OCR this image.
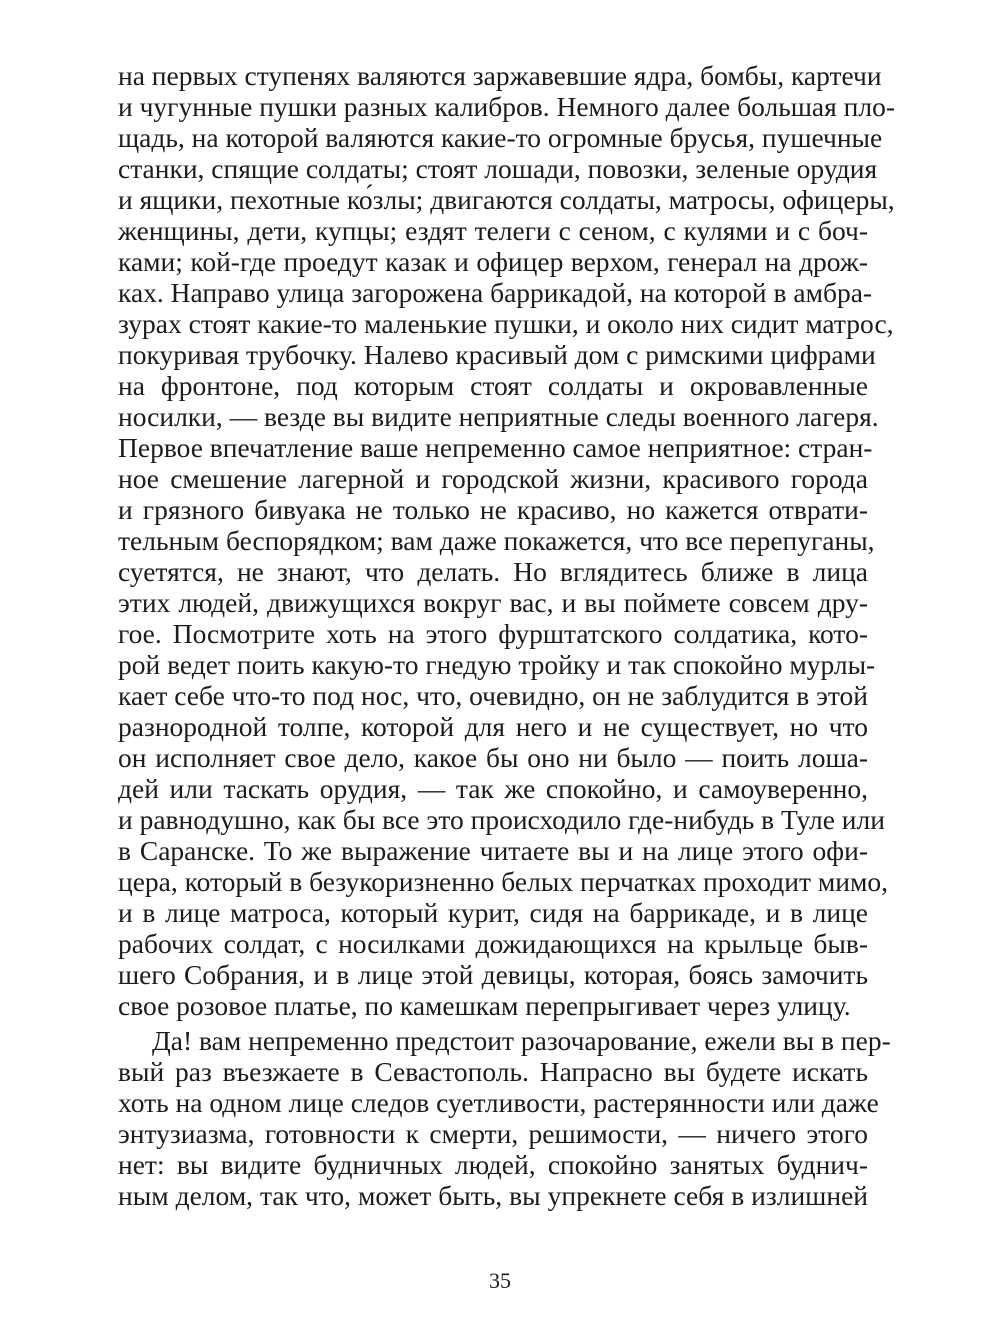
на первых ступенях валяются заржавевшие ядра, бомбы, картечи
и чугунные пушки разных калибров. Немного далее большая пло-
щадь, на которой валяются какие-то огромные брусья, пушечные
станки, спящие солдаты; стоят лошади, повозки, зеленые орудия
и ящики, пехотные ко́злы; двигаются солдаты, матросы, офицеры,
женщины, дети, купцы; ездят телеги с сеном, с кулями и с боч-
ками; кой-где проедут казак и офицер верхом, генерал на дрож-
ках. Направо улица загорожена баррикадой, на которой в амбра-
зурах стоят какие-то маленькие пушки, и около них сидит матрос,
покуривая трубочку. Налево красивый дом с римскими цифрами
на фронтоне, под которым стоят солдаты и окровавленные
носилки, — везде вы видите неприятные следы военного лагеря.
Первое впечатление ваше непременно самое неприятное: стран-
ное смешение лагерной и городской жизни, красивого города
и грязного бивуака не только не красиво, но кажется отврати-
тельным беспорядком; вам даже покажется, что все перепуганы,
суетятся, не знают, что делать. Но вглядитесь ближе в лица
этих людей, движущихся вокруг вас, и вы поймете совсем дру-
гое. Посмотрите хоть на этого фурштатского солдатика, кото-
рой ведет поить какую-то гнедую тройку и так спокойно мурлы-
кает себе что-то под нос, что, очевидно, он не заблудится в этой
разнородной толпе, которой для него и не существует, но что
он исполняет свое дело, какое бы оно ни было — поить лоша-
дей или таскать орудия, — так же спокойно, и самоуверенно,
и равнодушно, как бы все это происходило где-нибудь в Туле или
в Саранске. То же выражение читаете вы и на лице этого офи-
цера, который в безукоризненно белых перчатках проходит мимо,
и в лице матроса, который курит, сидя на баррикаде, и в лице
рабочих солдат, с носилками дожидающихся на крыльце быв-
шего Собрания, и в лице этой девицы, которая, боясь замочить
свое розовое платье, по камешкам перепрыгивает через улицу.
Да! вам непременно предстоит разочарование, ежели вы в пер-
вый раз въезжаете в Севастополь. Напрасно вы будете искать
хоть на одном лице следов суетливости, растерянности или даже
энтузиазма, готовности к смерти, решимости, — ничего этого
нет: вы видите будничных людей, спокойно занятых буднич-
ным делом, так что, может быть, вы упрекнете себя в излишней
35
